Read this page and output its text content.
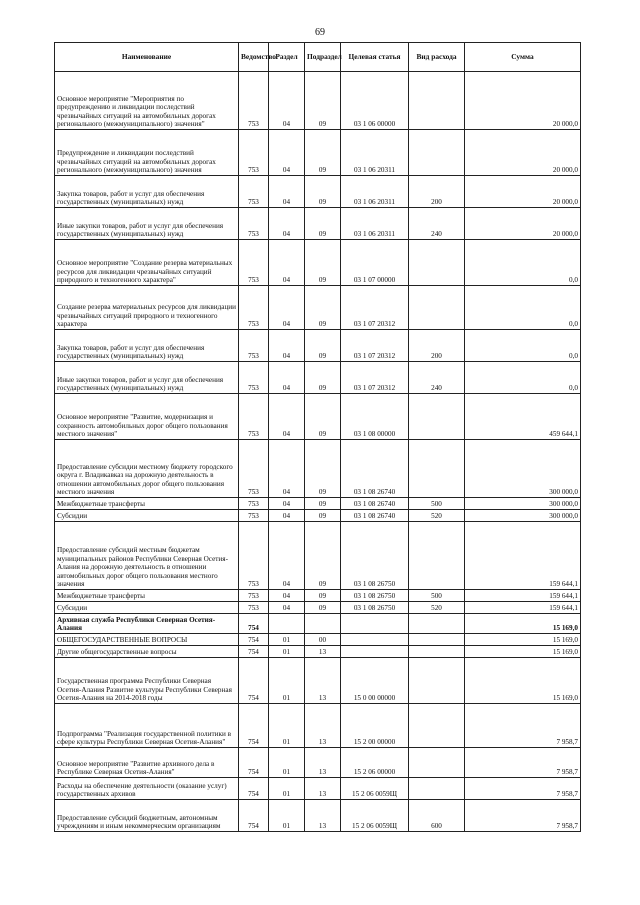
69
Наименование	Ведомство	Раздел	Подраздел	Целевая статья	Вид расхода	Сумма
Основное мероприятие "Мероприятия по предупреждению и ликвидации последствий чрезвычайных ситуаций на автомобильных дорогах регионального (межмуниципального) значения"	753	04	09	03 1 06 00000		20 000,0
Предупреждение и ликвидации последствий чрезвычайных ситуаций на автомобильных дорогах регионального (межмуниципального) значения	753	04	09	03 1 06 20311		20 000,0
Закупка товаров, работ и услуг для обеспечения государственных (муниципальных) нужд	753	04	09	03 1 06 20311	200	20 000,0
Иные закупки товаров, работ и услуг для обеспечения государственных (муниципальных) нужд	753	04	09	03 1 06 20311	240	20 000,0
Основное мероприятие "Создание резерва материальных ресурсов для ликвидации чрезвычайных ситуаций природного и техногенного характера"	753	04	09	03 1 07 00000		0,0
Создание резерва материальных ресурсов для ликвидации чрезвычайных ситуаций природного и техногенного характера	753	04	09	03 1 07 20312		0,0
Закупка товаров, работ и услуг для обеспечения государственных (муниципальных) нужд	753	04	09	03 1 07 20312	200	0,0
Иные закупки товаров, работ и услуг для обеспечения государственных (муниципальных) нужд	753	04	09	03 1 07 20312	240	0,0
Основное мероприятие "Развитие, модернизация и сохранность автомобильных дорог общего пользования местного значения"	753	04	09	03 1 08 00000		459 644,1
Предоставление субсидии местному бюджету городского округа г. Владикавказ на дорожную деятельность в отношении автомобильных дорог общего пользования местного значения	753	04	09	03 1 08 26740		300 000,0
Межбюджетные трансферты	753	04	09	03 1 08 26740	500	300 000,0
Субсидии	753	04	09	03 1 08 26740	520	300 000,0
Предоставление субсидий местным бюджетам муниципальных районов Республики Северная Осетия-Алания на дорожную деятельность в отношении автомобильных дорог общего пользования местного значения	753	04	09	03 1 08 26750		159 644,1
Межбюджетные трансферты	753	04	09	03 1 08 26750	500	159 644,1
Субсидии	753	04	09	03 1 08 26750	520	159 644,1
Архивная служба Республики Северная Осетия-Алания	754					15 169,0
ОБЩЕГОСУДАРСТВЕННЫЕ ВОПРОСЫ	754	01	00			15 169,0
Другие общегосударственные вопросы	754	01	13			15 169,0
Государственная программа Республики Северная Осетия-Алания Развитие культуры Республики Северная Осетия-Алания на 2014-2018 годы	754	01	13	15 0 00 00000		15 169,0
Подпрограмма "Реализация государственной политики в сфере культуры Республики Северная Осетия-Алания"	754	01	13	15 2 00 00000		7 958,7
Основное мероприятие "Развитие архивного дела в Республике Северная Осетия-Алания"	754	01	13	15 2 06 00000		7 958,7
Расходы на обеспечение деятельности (оказание услуг) государственных архивов	754	01	13	15 2 06 0059Щ		7 958,7
Предоставление субсидий бюджетным, автономным учреждениям и иным некоммерческим организациям	754	01	13	15 2 06 0059Щ	600	7 958,7
